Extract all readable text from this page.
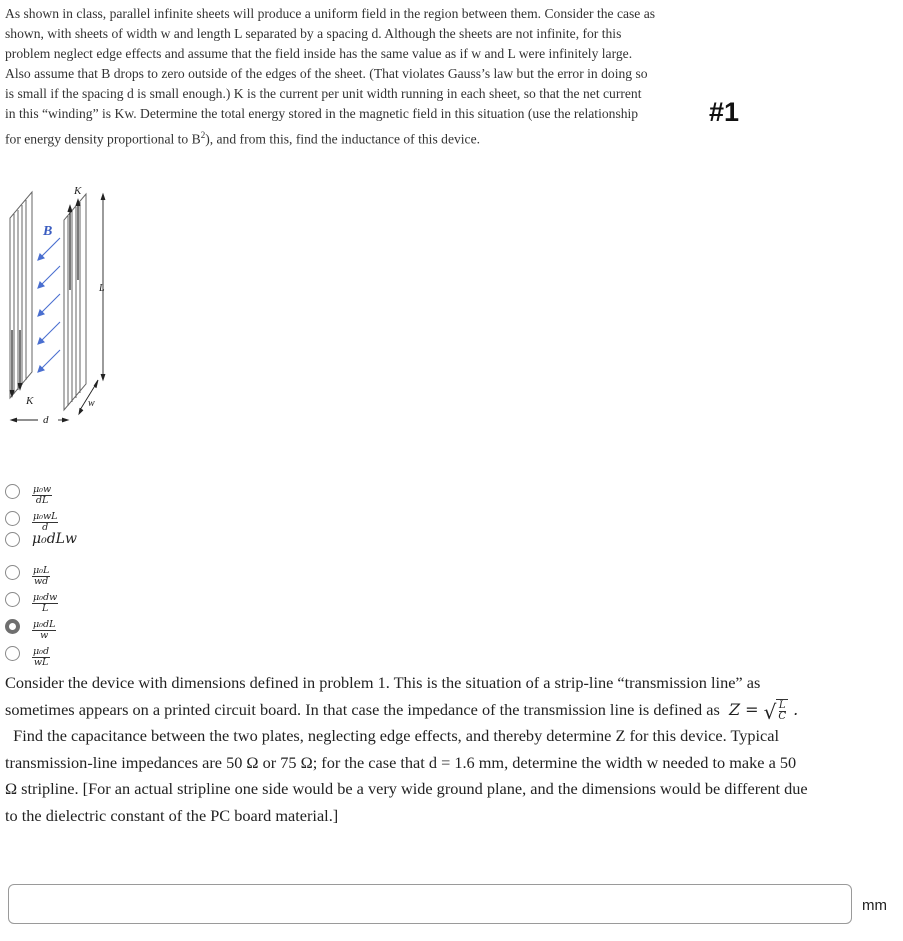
As shown in class, parallel infinite sheets will produce a uniform field in the region between them. Consider the case as
shown, with sheets of width w and length L separated by a spacing d. Although the sheets are not infinite, for this
problem neglect edge effects and assume that the field inside has the same value as if w and L were infinitely large.
Also assume that B drops to zero outside of the edges of the sheet. (That violates Gauss’s law but the error in doing so
is small if the spacing d is small enough.) K is the current per unit width running in each sheet, so that the net current
in this “winding” is Kw. Determine the total energy stored in the magnetic field in this situation (use the relationship
for energy density proportional to $B^2$), and from this, find the inductance of this device.
#1
K
B
L
K	w
d
$\frac{\text{μ₀w}}{dL}$
$\frac{\text{μ₀wL}}{d}$
μ₀dLw
$\frac{\text{μ₀L}}{wd}$
$\frac{\text{μ₀dw}}{L}$
$\frac{\text{μ₀dL}}{w}$
$\frac{\text{μ₀d}}{wL}$
Consider the device with dimensions defined in problem 1. This is the situation of a strip-line “transmission line” as
sometimes appears on a printed circuit board. In that case the impedance of the transmission line is defined as Z = √ L
C .
Find the capacitance between the two plates, neglecting edge effects, and thereby determine Z for this device. Typical
transmission-line impedances are 50 Ω or 75 Ω; for the case that d = 1.6 mm, determine the width w needed to make a 50
Ω stripline. [For an actual stripline one side would be a very wide ground plane, and the dimensions would be different due
to the dielectric constant of the PC board material.]
mm
